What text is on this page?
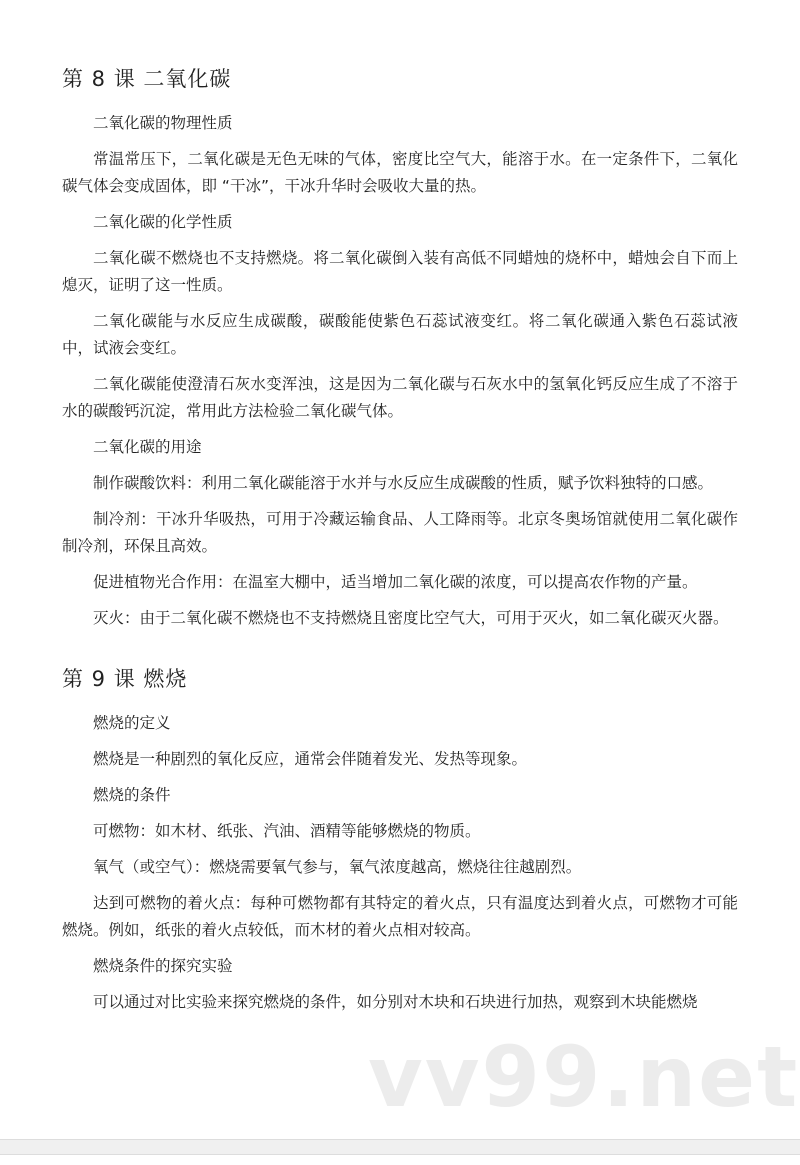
第 8 课 二氧化碳
二氧化碳的物理性质

常温常压下，二氧化碳是无色无味的气体，密度比空气大，能溶于水。在一定条件下，二氧化碳气体会变成固体，即 “干冰”，干冰升华时会吸收大量的热。

二氧化碳的化学性质

二氧化碳不燃烧也不支持燃烧。将二氧化碳倒入装有高低不同蜡烛的烧杯中，蜡烛会自下而上熄灭，证明了这一性质。

二氧化碳能与水反应生成碳酸，碳酸能使紫色石蕊试液变红。将二氧化碳通入紫色石蕊试液中，试液会变红。

二氧化碳能使澄清石灰水变浑浊，这是因为二氧化碳与石灰水中的氢氧化钙反应生成了不溶于水的碳酸钙沉淀，常用此方法检验二氧化碳气体。

二氧化碳的用途

制作碳酸饮料：利用二氧化碳能溶于水并与水反应生成碳酸的性质，赋予饮料独特的口感。

制冷剂：干冰升华吸热，可用于冷藏运输食品、人工降雨等。北京冬奥场馆就使用二氧化碳作制冷剂，环保且高效。

促进植物光合作用：在温室大棚中，适当增加二氧化碳的浓度，可以提高农作物的产量。

灭火：由于二氧化碳不燃烧也不支持燃烧且密度比空气大，可用于灭火，如二氧化碳灭火器。

第 9 课 燃烧
燃烧的定义

燃烧是一种剧烈的氧化反应，通常会伴随着发光、发热等现象。

燃烧的条件

可燃物：如木材、纸张、汽油、酒精等能够燃烧的物质。

氧气（或空气）：燃烧需要氧气参与，氧气浓度越高，燃烧往往越剧烈。

达到可燃物的着火点：每种可燃物都有其特定的着火点，只有温度达到着火点，可燃物才可能燃烧。例如，纸张的着火点较低，而木材的着火点相对较高。

燃烧条件的探究实验

可以通过对比实验来探究燃烧的条件，如分别对木块和石块进行加热，观察到木块能燃烧

vv99.net
